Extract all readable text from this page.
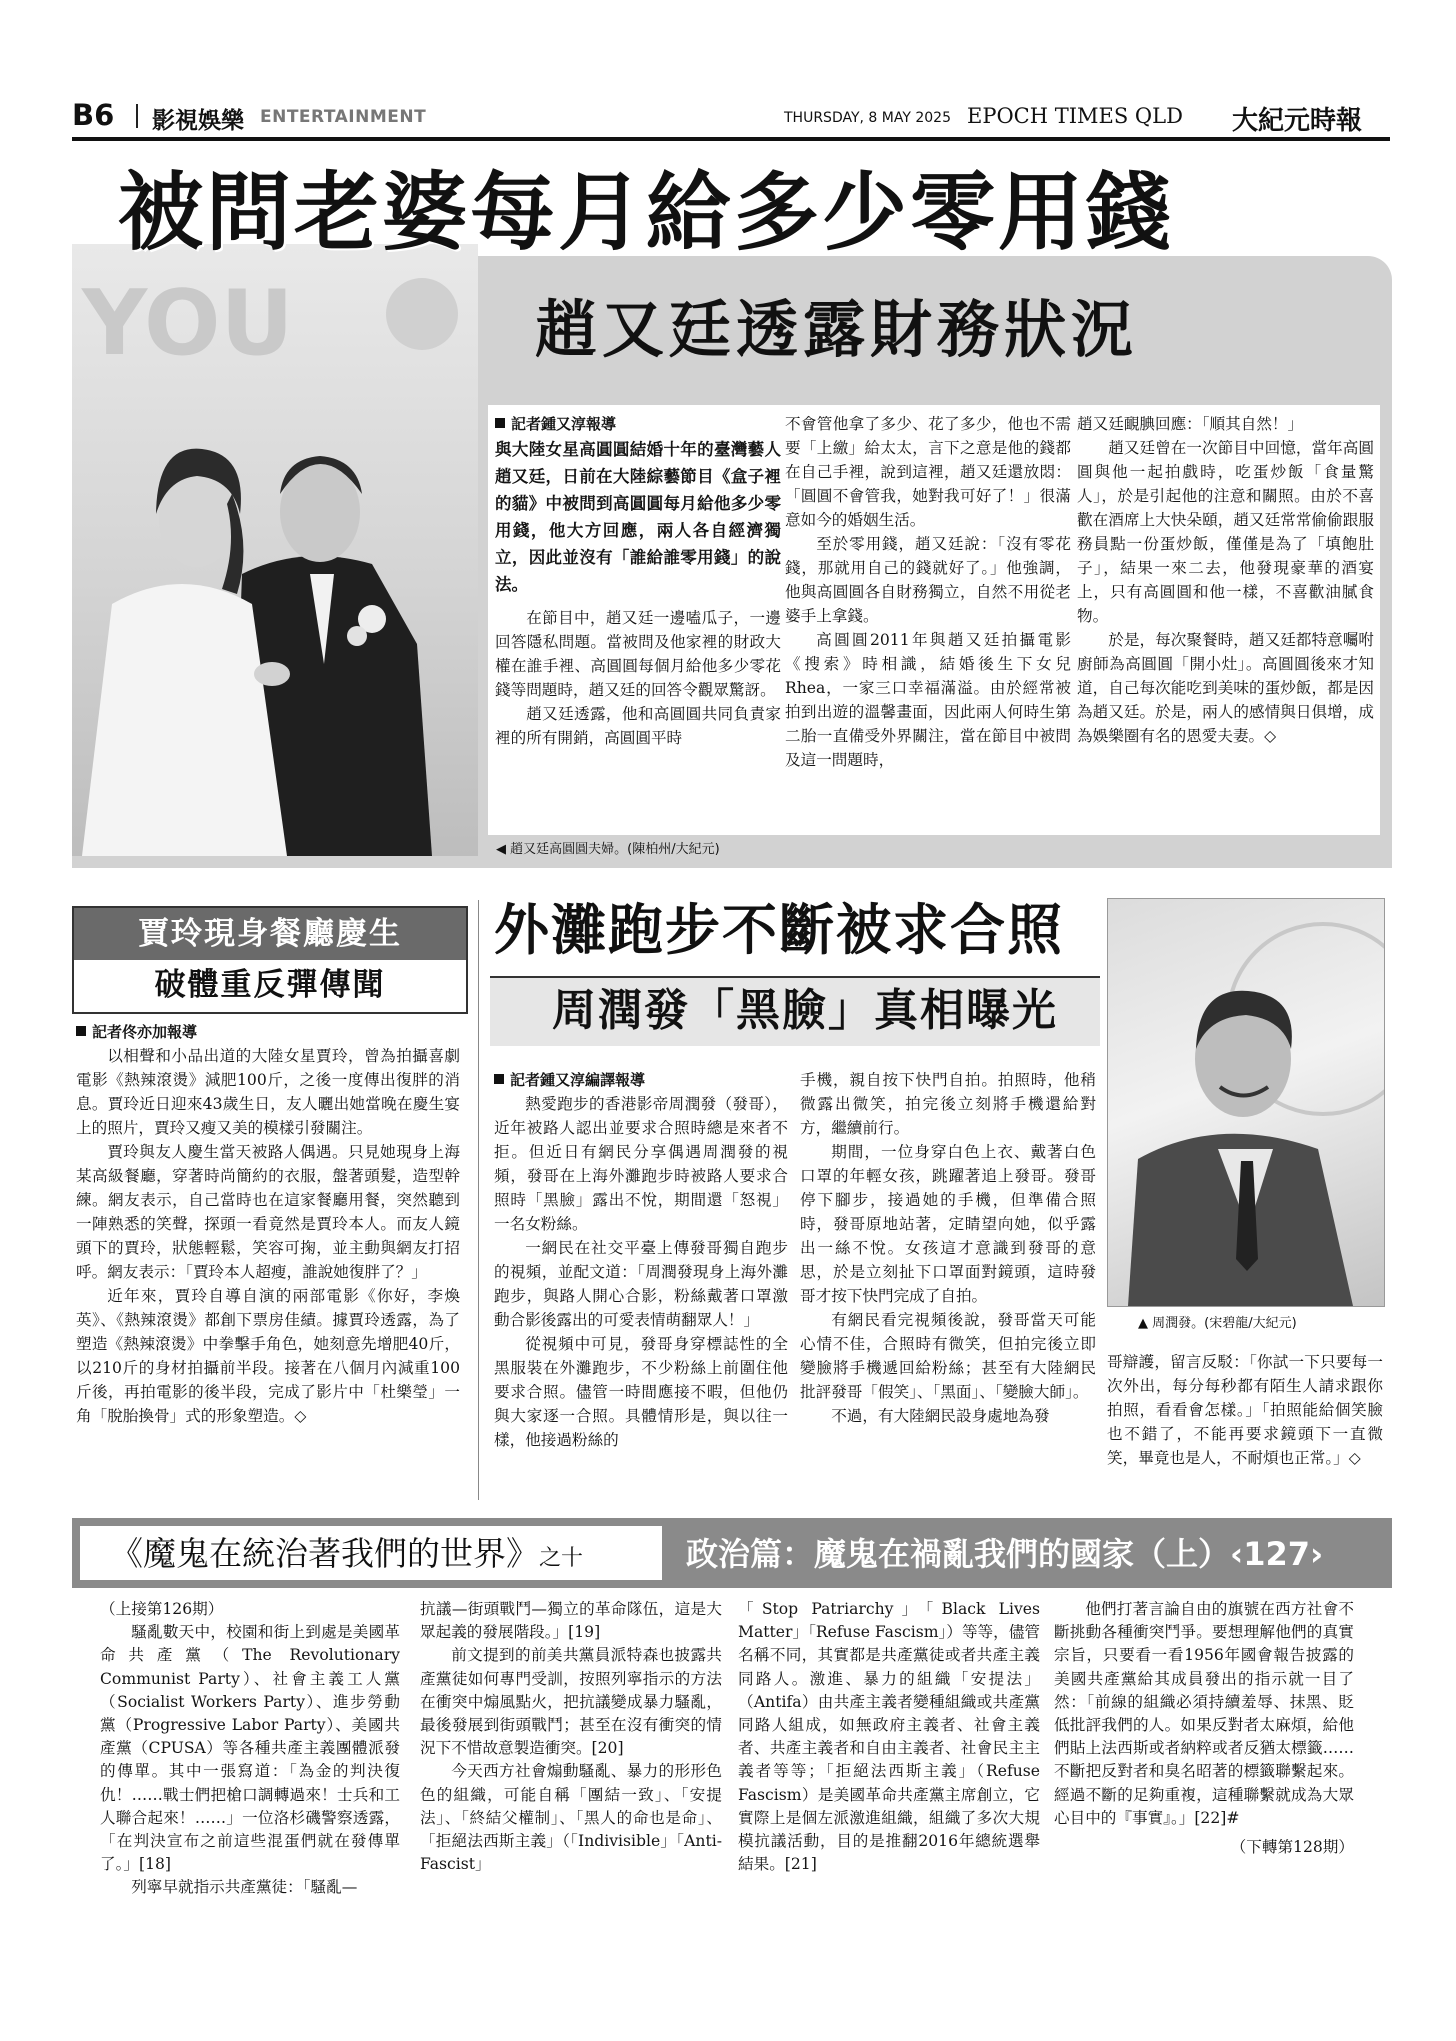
B6 影視娛樂 ENTERTAINMENT	THURSDAY, 8 MAY 2025 EPOCH TIMES QLD 大紀元時報
YOU
被問老婆每月給多少零用錢
趙又廷透露財務狀況

記者鍾又淳報導

與大陸女星高圓圓結婚十年的臺灣藝人趙又廷，日前在大陸綜藝節目《盒子裡的貓》中被問到高圓圓每月給他多少零用錢，他大方回應，兩人各自經濟獨立，因此並沒有「誰給誰零用錢」的說法。

在節目中，趙又廷一邊嗑瓜子，一邊回答隱私問題。當被問及他家裡的財政大權在誰手裡、高圓圓每個月給他多少零花錢等問題時，趙又廷的回答令觀眾驚訝。

趙又廷透露，他和高圓圓共同負責家裡的所有開銷，高圓圓平時

不會管他拿了多少、花了多少，他也不需要「上繳」給太太，言下之意是他的錢都在自己手裡，說到這裡，趙又廷還放悶：「圓圓不會管我，她對我可好了！」很滿意如今的婚姻生活。

至於零用錢，趙又廷說：「沒有零花錢，那就用自己的錢就好了。」他強調，他與高圓圓各自財務獨立，自然不用從老婆手上拿錢。

高圓圓2011年與趙又廷拍攝電影《搜索》時相識，結婚後生下女兒Rhea，一家三口幸福滿溢。由於經常被拍到出遊的溫馨畫面，因此兩人何時生第二胎一直備受外界關注，當在節目中被問及這一問題時，

趙又廷靦腆回應：「順其自然！」

趙又廷曾在一次節目中回憶，當年高圓圓與他一起拍戲時，吃蛋炒飯「食量驚人」，於是引起他的注意和關照。由於不喜歡在酒席上大快朵頤，趙又廷常常偷偷跟服務員點一份蛋炒飯，僅僅是為了「填飽肚子」，結果一來二去，他發現豪華的酒宴上，只有高圓圓和他一樣，不喜歡油膩食物。

於是，每次聚餐時，趙又廷都特意囑咐廚師為高圓圓「開小灶」。高圓圓後來才知道，自己每次能吃到美味的蛋炒飯，都是因為趙又廷。於是，兩人的感情與日俱增，成為娛樂圈有名的恩愛夫妻。◇

◀ 趙又廷高圓圓夫婦。(陳柏州/大紀元)
賈玲現身餐廳慶生
破體重反彈傳聞

記者佟亦加報導

以相聲和小品出道的大陸女星賈玲，曾為拍攝喜劇電影《熱辣滾燙》減肥100斤，之後一度傳出復胖的消息。賈玲近日迎來43歲生日，友人曬出她當晚在慶生宴上的照片，賈玲又瘦又美的模樣引發關注。

賈玲與友人慶生當天被路人偶遇。只見她現身上海某高級餐廳，穿著時尚簡約的衣服，盤著頭髮，造型幹練。網友表示，自己當時也在這家餐廳用餐，突然聽到一陣熟悉的笑聲，探頭一看竟然是賈玲本人。而友人鏡頭下的賈玲，狀態輕鬆，笑容可掬，並主動與網友打招呼。網友表示：「賈玲本人超瘦，誰說她復胖了？」

近年來，賈玲自導自演的兩部電影《你好，李煥英》、《熱辣滾燙》都創下票房佳績。據賈玲透露，為了塑造《熱辣滾燙》中拳擊手角色，她刻意先增肥40斤，以210斤的身材拍攝前半段。接著在八個月內減重100斤後，再拍電影的後半段，完成了影片中「杜樂瑩」一角「脫胎換骨」式的形象塑造。◇

外灘跑步不斷被求合照
周潤發「黑臉」真相曝光
▲ 周潤發。(宋碧龍/大紀元)

記者鍾又淳編譯報導

熱愛跑步的香港影帝周潤發（發哥），近年被路人認出並要求合照時總是來者不拒。但近日有網民分享偶遇周潤發的視頻，發哥在上海外灘跑步時被路人要求合照時「黑臉」露出不悅，期間還「怒視」一名女粉絲。

一網民在社交平臺上傳發哥獨自跑步的視頻，並配文道：「周潤發現身上海外灘跑步，與路人開心合影，粉絲戴著口罩激動合影後露出的可愛表情萌翻眾人！」

從視頻中可見，發哥身穿標誌性的全黑服裝在外灘跑步，不少粉絲上前圍住他要求合照。儘管一時間應接不暇，但他仍與大家逐一合照。具體情形是，與以往一樣，他接過粉絲的

手機，親自按下快門自拍。拍照時，他稍微露出微笑，拍完後立刻將手機還給對方，繼續前行。

期間，一位身穿白色上衣、戴著白色口罩的年輕女孩，跳躍著追上發哥。發哥停下腳步，接過她的手機，但準備合照時，發哥原地站著，定睛望向她，似乎露出一絲不悅。女孩這才意識到發哥的意思，於是立刻扯下口罩面對鏡頭，這時發哥才按下快門完成了自拍。

有網民看完視頻後說，發哥當天可能心情不佳，合照時有微笑，但拍完後立即變臉將手機遞回給粉絲；甚至有大陸網民批評發哥「假笑」、「黑面」、「變臉大師」。

不過，有大陸網民設身處地為發

哥辯護，留言反駁：「你試一下只要每一次外出，每分每秒都有陌生人請求跟你拍照，看看會怎樣。」「拍照能給個笑臉也不錯了，不能再要求鏡頭下一直微笑，畢竟也是人，不耐煩也正常。」◇

《魔鬼在統治著我們的世界》之十	政治篇：魔鬼在禍亂我們的國家（上）‹127›

（上接第126期）

騷亂數天中，校園和街上到處是美國革命共產黨（The Revolutionary Communist Party）、社會主義工人黨（Socialist Workers Party）、進步勞動黨（Progressive Labor Party）、美國共產黨（CPUSA）等各種共產主義團體派發的傳單。其中一張寫道：「為金的判決復仇！……戰士們把槍口調轉過來！士兵和工人聯合起來！……」一位洛杉磯警察透露，「在判決宣布之前這些混蛋們就在發傳單了。」[18]

列寧早就指示共產黨徒：「騷亂—

抗議—街頭戰鬥—獨立的革命隊伍，這是大眾起義的發展階段。」[19]

前文提到的前美共黨員派特森也披露共產黨徒如何專門受訓，按照列寧指示的方法在衝突中煽風點火，把抗議變成暴力騷亂，最後發展到街頭戰鬥；甚至在沒有衝突的情況下不惜故意製造衝突。[20]

今天西方社會煽動騷亂、暴力的形形色色的組織，可能自稱「團結一致」、「安提法」、「終結父權制」、「黑人的命也是命」、「拒絕法西斯主義」（「Indivisible」「Anti-Fascist」

「Stop Patriarchy」「Black Lives Matter」「Refuse Fascism」）等等，儘管名稱不同，其實都是共產黨徒或者共產主義同路人。激進、暴力的組織「安提法」（Antifa）由共產主義者變種組織或共產黨同路人組成，如無政府主義者、社會主義者、共產主義者和自由主義者、社會民主主義者等等；「拒絕法西斯主義」（Refuse Fascism）是美國革命共產黨主席創立，它實際上是個左派激進組織，組織了多次大規模抗議活動，目的是推翻2016年總統選舉結果。[21]

他們打著言論自由的旗號在西方社會不斷挑動各種衝突鬥爭。要想理解他們的真實宗旨，只要看一看1956年國會報告披露的美國共產黨給其成員發出的指示就一目了然：「前線的組織必須持續羞辱、抹黑、貶低批評我們的人。如果反對者太麻煩，給他們貼上法西斯或者納粹或者反猶太標籤……不斷把反對者和臭名昭著的標籤聯繫起來。經過不斷的足夠重複，這種聯繫就成為大眾心目中的『事實』。」[22]#

（下轉第128期）
